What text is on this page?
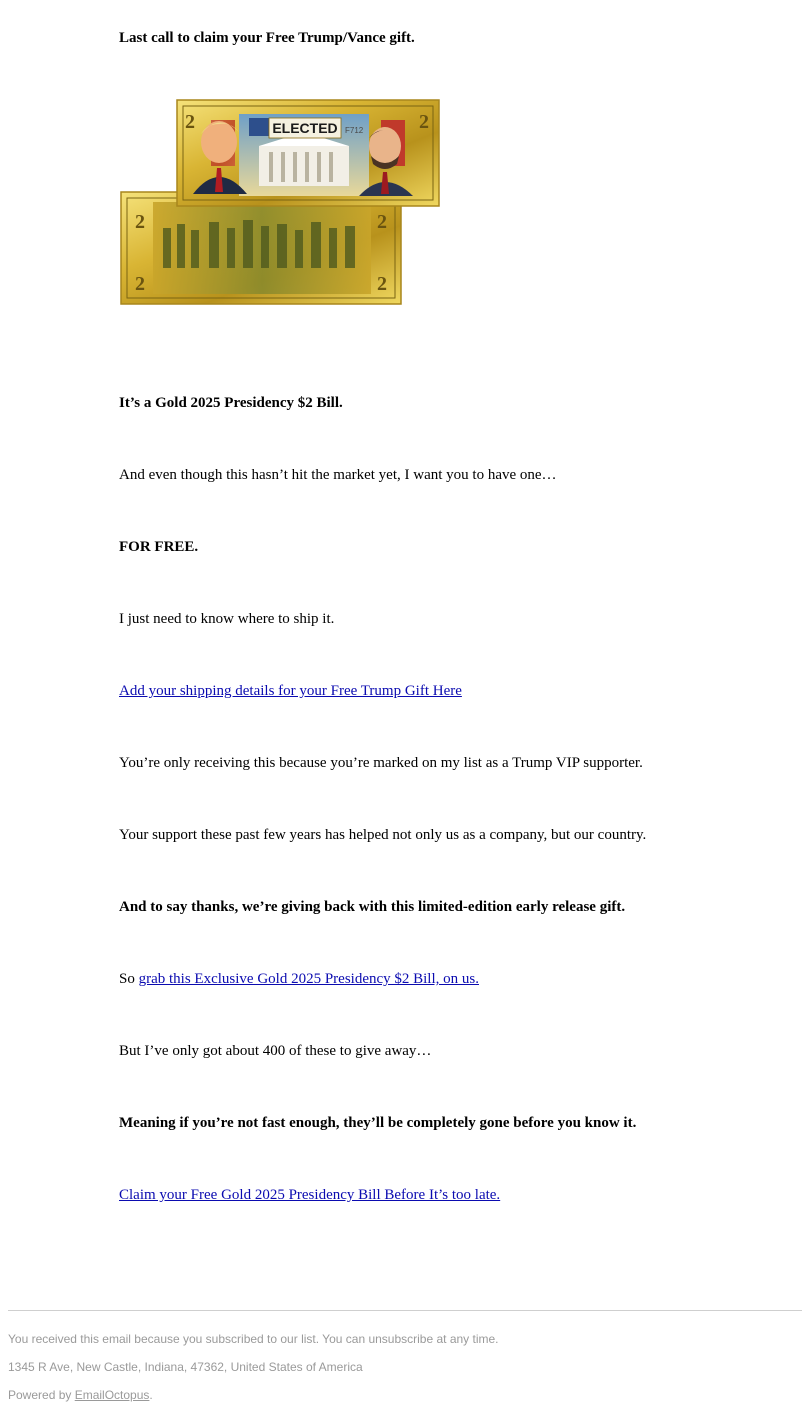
Last call to claim your Free Trump/Vance gift.
2
2
2
2
ELECTED F712
2	2
It’s a Gold 2025 Presidency $2 Bill.
And even though this hasn’t hit the market yet, I want you to have one…
FOR FREE.
I just need to know where to ship it.
Add your shipping details for your Free Trump Gift Here
You’re only receiving this because you’re marked on my list as a Trump VIP supporter.
Your support these past few years has helped not only us as a company, but our country.
And to say thanks, we’re giving back with this limited-edition early release gift.
So grab this Exclusive Gold 2025 Presidency $2 Bill, on us.
But I’ve only got about 400 of these to give away…
Meaning if you’re not fast enough, they’ll be completely gone before you know it.
Claim your Free Gold 2025 Presidency Bill Before It’s too late.
You received this email because you subscribed to our list. You can unsubscribe at any time.
1345 R Ave, New Castle, Indiana, 47362, United States of America
Powered by EmailOctopus.
